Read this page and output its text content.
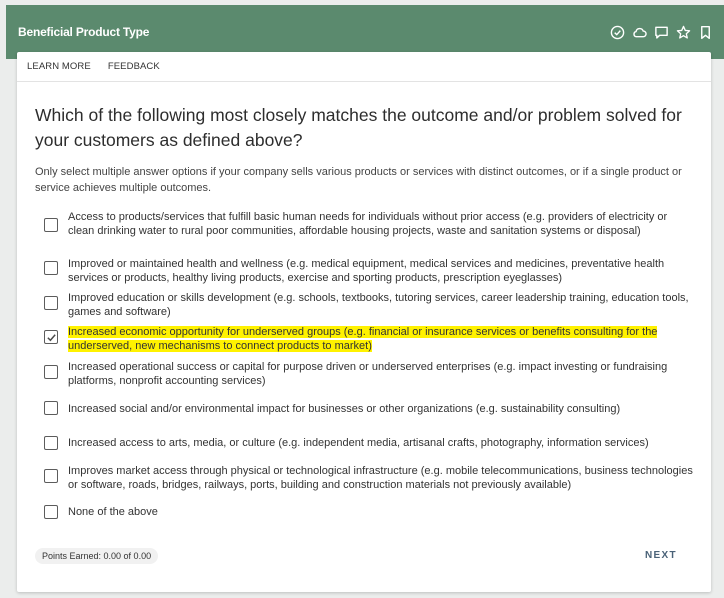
Beneficial Product Type
LEARN MORE FEEDBACK
Which of the following most closely matches the outcome and/or problem solved for your customers as defined above?
Only select multiple answer options if your company sells various products or services with distinct outcomes, or if a single product or service achieves multiple outcomes.
Access to products/services that fulfill basic human needs for individuals without prior access (e.g. providers of electricity or clean drinking water to rural poor communities, affordable housing projects, waste and sanitation systems or disposal)
Improved or maintained health and wellness (e.g. medical equipment, medical services and medicines, preventative health services or products, healthy living products, exercise and sporting products, prescription eyeglasses)
Improved education or skills development (e.g. schools, textbooks, tutoring services, career leadership training, education tools, games and software)
Increased economic opportunity for underserved groups (e.g. financial or insurance services or benefits consulting for the underserved, new mechanisms to connect products to market)
Increased operational success or capital for purpose driven or underserved enterprises (e.g. impact investing or fundraising platforms, nonprofit accounting services)
Increased social and/or environmental impact for businesses or other organizations (e.g. sustainability consulting)
Increased access to arts, media, or culture (e.g. independent media, artisanal crafts, photography, information services)
Improves market access through physical or technological infrastructure (e.g. mobile telecommunications, business technologies or software, roads, bridges, railways, ports, building and construction materials not previously available)
None of the above
Points Earned: 0.00 of 0.00	NEXT
